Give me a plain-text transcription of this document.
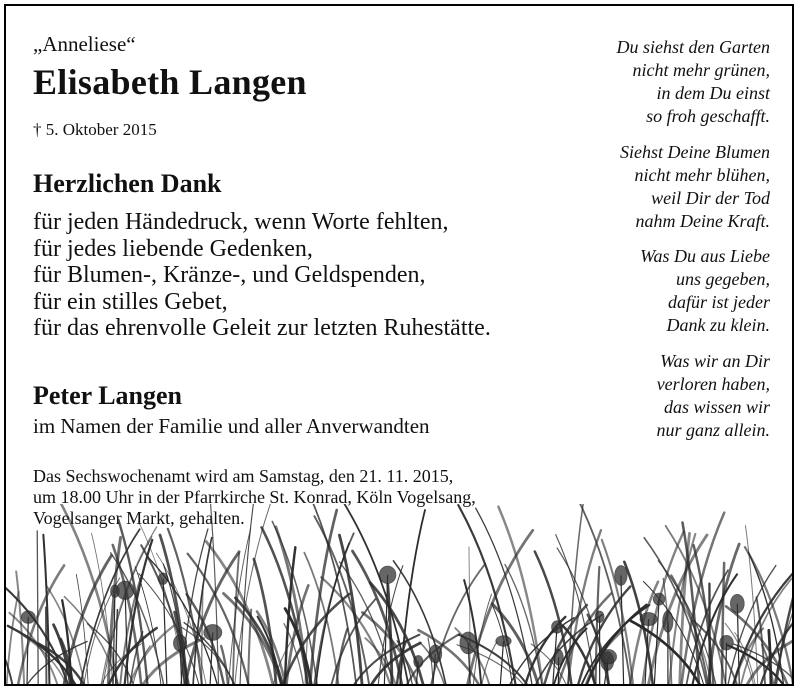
„Anneliese“
Elisabeth Langen
† 5. Oktober 2015
Herzlichen Dank
für jeden Händedruck, wenn Worte fehlten,
für jedes liebende Gedenken,
für Blumen-, Kränze-, und Geldspenden,
für ein stilles Gebet,
für das ehrenvolle Geleit zur letzten Ruhestätte.
Peter Langen
im Namen der Familie und aller Anverwandten
Das Sechswochenamt wird am Samstag, den 21. 11. 2015,
um 18.00 Uhr in der Pfarrkirche St. Konrad, Köln Vogelsang,
Vogelsanger Markt, gehalten.
Du siehst den Garten
nicht mehr grünen,
in dem Du einst
so froh geschafft.
Siehst Deine Blumen
nicht mehr blühen,
weil Dir der Tod
nahm Deine Kraft.
Was Du aus Liebe
uns gegeben,
dafür ist jeder
Dank zu klein.
Was wir an Dir
verloren haben,
das wissen wir
nur ganz allein.
